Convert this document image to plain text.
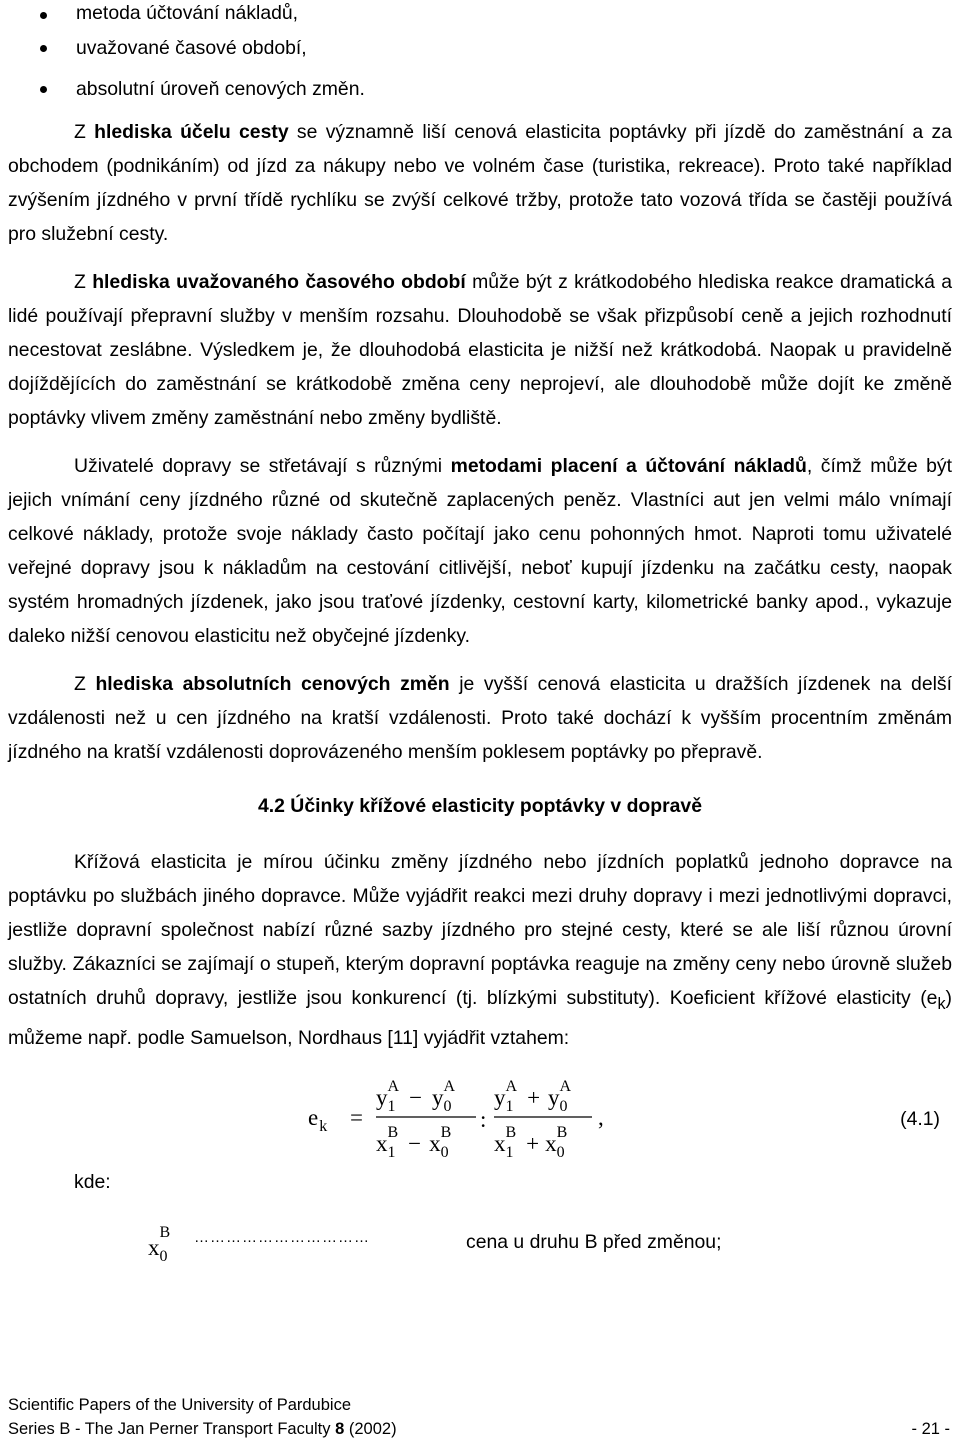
metoda účtování nákladů,
uvažované časové období,
absolutní úroveň cenových změn.

Z hlediska účelu cesty se významně liší cenová elasticita poptávky při jízdě do zaměstnání a za obchodem (podnikáním) od jízd za nákupy nebo ve volném čase (turistika, rekreace). Proto také například zvýšením jízdného v první třídě rychlíku se zvýší celkové tržby, protože tato vozová třída se častěji používá pro služební cesty.

Z hlediska uvažovaného časového období může být z krátkodobého hlediska reakce dramatická a lidé používají přepravní služby v menším rozsahu. Dlouhodobě se však přizpůsobí ceně a jejich rozhodnutí necestovat zeslábne. Výsledkem je, že dlouhodobá elasticita je nižší než krátkodobá. Naopak u pravidelně dojíždějících do zaměstnání se krátkodobě změna ceny neprojeví, ale dlouhodobě může dojít ke změně poptávky vlivem změny zaměstnání nebo změny bydliště.

Uživatelé dopravy se střetávají s různými metodami placení a účtování nákladů, čímž může být jejich vnímání ceny jízdného různé od skutečně zaplacených peněz. Vlastníci aut jen velmi málo vnímají celkové náklady, protože svoje náklady často počítají jako cenu pohonných hmot. Naproti tomu uživatelé veřejné dopravy jsou k nákladům na cestování citlivější, neboť kupují jízdenku na začátku cesty, naopak systém hromadných jízdenek, jako jsou traťové jízdenky, cestovní karty, kilometrické banky apod., vykazuje daleko nižší cenovou elasticitu než obyčejné jízdenky.

Z hlediska absolutních cenových změn je vyšší cenová elasticita u dražších jízdenek na delší vzdálenosti než u cen jízdného na kratší vzdálenosti. Proto také dochází k vyšším procentním změnám jízdného na kratší vzdálenosti doprovázeného menším poklesem poptávky po přepravě.

4.2 Účinky křížové elasticity poptávky v dopravě

Křížová elasticita je mírou účinku změny jízdného nebo jízdních poplatků jednoho dopravce na poptávku po službách jiného dopravce. Může vyjádřit reakci mezi druhy dopravy i mezi jednotlivými dopravci, jestliže dopravní společnost nabízí různé sazby jízdného pro stejné cesty, které se ale liší různou úrovní služby. Zákazníci se zajímají o stupeň, kterým dopravní poptávka reaguje na změny ceny nebo úrovně služeb ostatních druhů dopravy, jestliže jsou konkurencí (tj. blízkými substituty). Koeficient křížové elasticity $(e_k)$ můžeme např. podle Samuelson, Nordhaus [11] vyjádřit vztahem:

$e_k$ =
$y_1A - y_0A$
$x_1B - x_0B$
:
$y_1A + y_0A$
$x_1B + x_0B$
,	(4.1)
kde:
$x_0B$ ……………………………	cena u druhu B před změnou;
Scientific Papers of the University of Pardubice
Series B - The Jan Perner Transport Faculty 8 (2002)	- 21 -
